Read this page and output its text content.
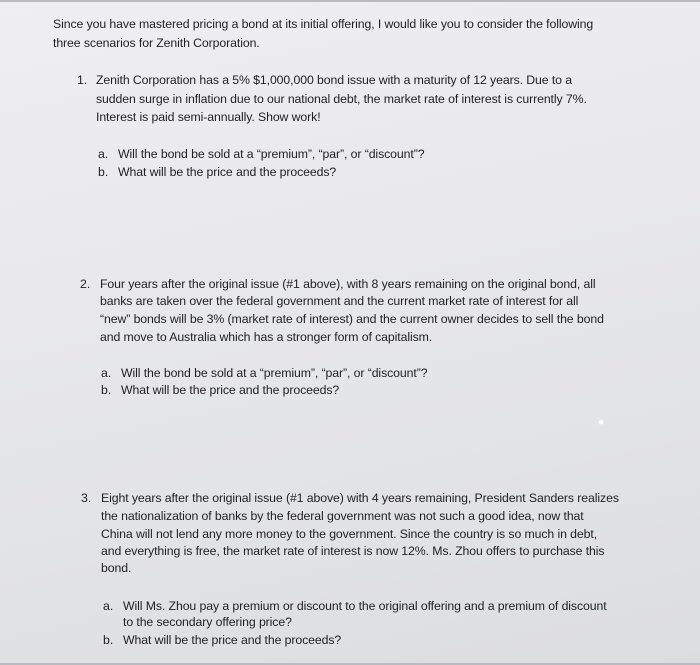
Since you have mastered pricing a bond at its initial offering, I would like you to consider the following
three scenarios for Zenith Corporation.
1. Zenith Corporation has a 5% $1,000,000 bond issue with a maturity of 12 years. Due to a
sudden surge in inflation due to our national debt, the market rate of interest is currently 7%.
Interest is paid semi-annually. Show work!
a. Will the bond be sold at a “premium”, “par”, or “discount”?
b. What will be the price and the proceeds?
2. Four years after the original issue (#1 above), with 8 years remaining on the original bond, all
banks are taken over the federal government and the current market rate of interest for all
“new” bonds will be 3% (market rate of interest) and the current owner decides to sell the bond
and move to Australia which has a stronger form of capitalism.
a. Will the bond be sold at a “premium”, “par”, or “discount”?
b. What will be the price and the proceeds?
3. Eight years after the original issue (#1 above) with 4 years remaining, President Sanders realizes
the nationalization of banks by the federal government was not such a good idea, now that
China will not lend any more money to the government. Since the country is so much in debt,
and everything is free, the market rate of interest is now 12%. Ms. Zhou offers to purchase this
bond.
a. Will Ms. Zhou pay a premium or discount to the original offering and a premium of discount
to the secondary offering price?
b. What will be the price and the proceeds?
